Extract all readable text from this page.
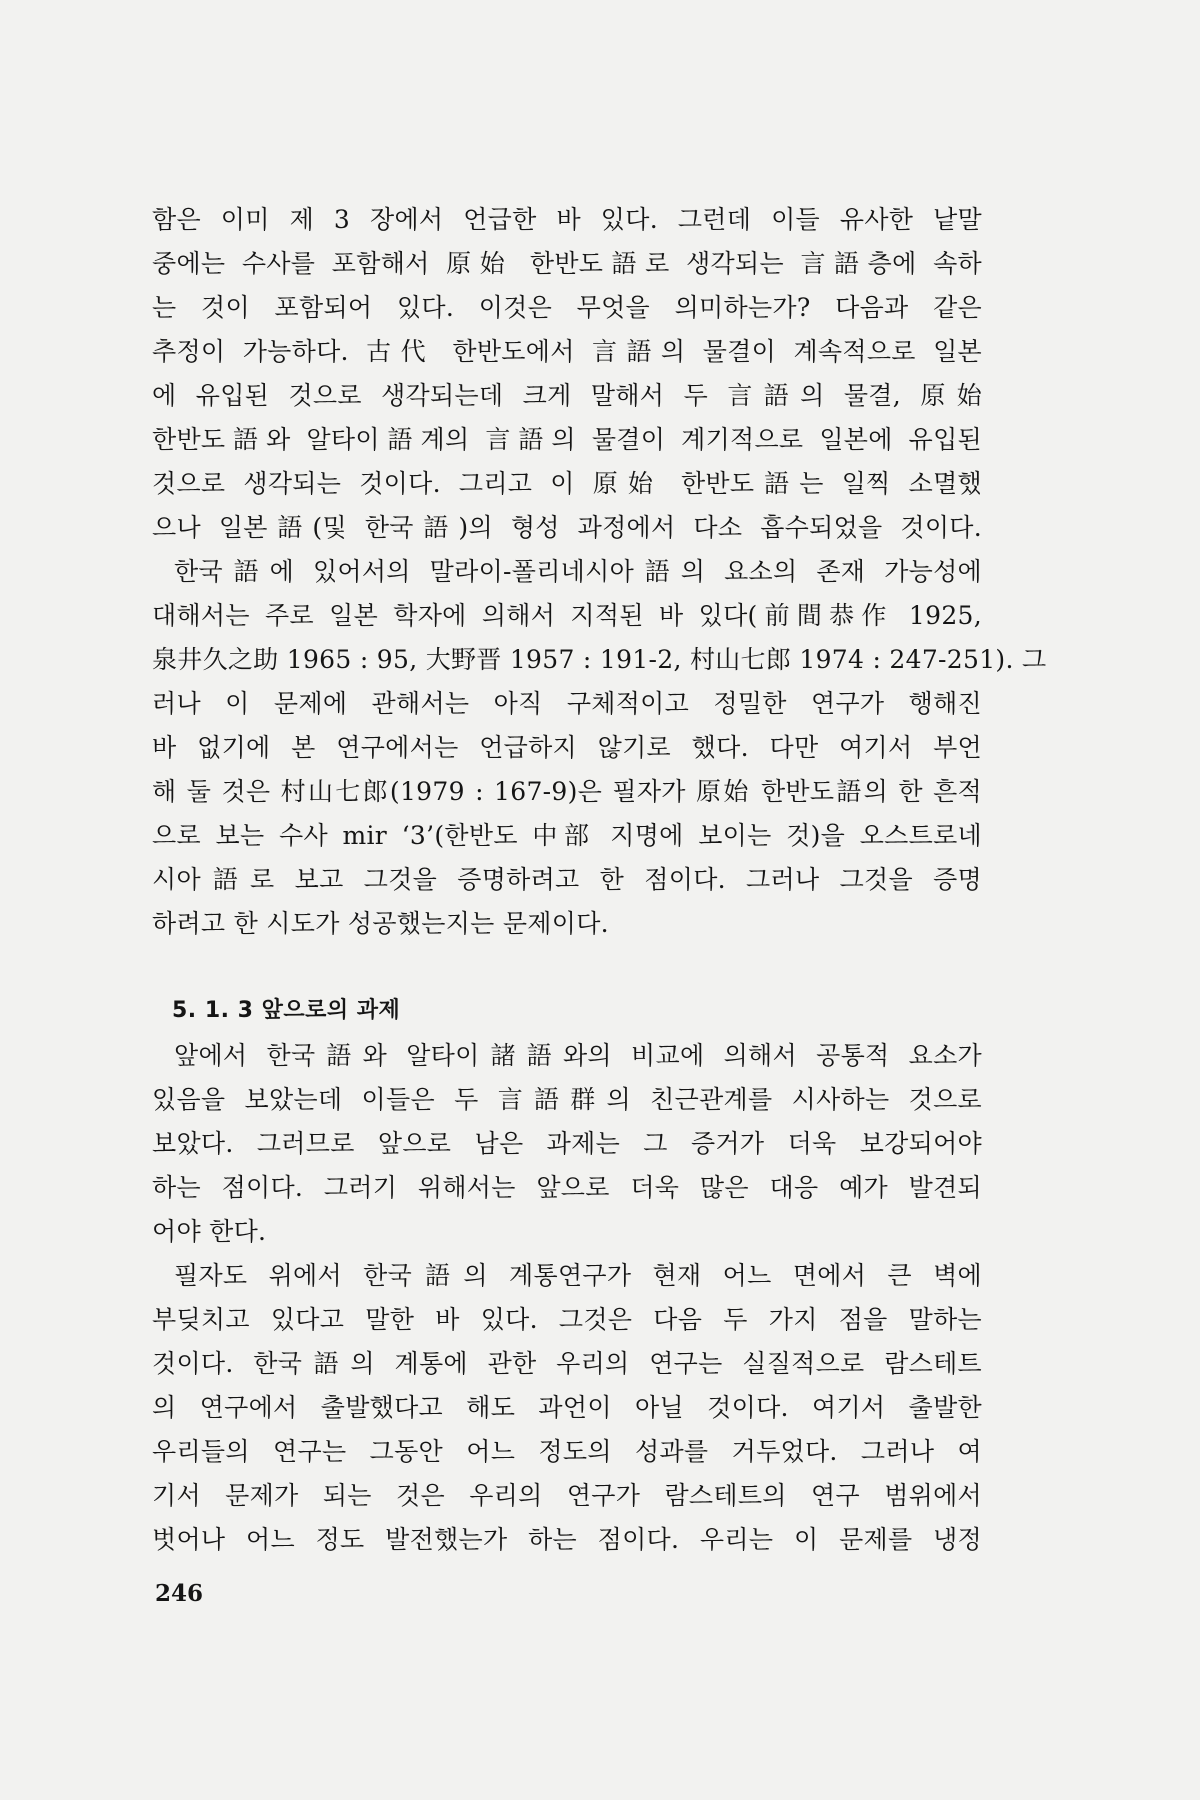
함은 이미 제 3 장에서 언급한 바 있다. 그런데 이들 유사한 낱말
중에는 수사를 포함해서 原始 한반도語로 생각되는 言語층에 속하
는 것이 포함되어 있다. 이것은 무엇을 의미하는가? 다음과 같은
추정이 가능하다. 古代 한반도에서 言語의 물결이 계속적으로 일본
에 유입된 것으로 생각되는데 크게 말해서 두 言語의 물결, 原始
한반도語와 알타이語계의 言語의 물결이 계기적으로 일본에 유입된
것으로 생각되는 것이다. 그리고 이 原始 한반도語는 일찍 소멸했
으나 일본語(및 한국語)의 형성 과정에서 다소 흡수되었을 것이다.
한국語에 있어서의 말라이-폴리네시아語의 요소의 존재 가능성에
대해서는 주로 일본 학자에 의해서 지적된 바 있다(前間恭作 1925,
泉井久之助 1965 : 95, 大野晋 1957 : 191-2, 村山七郎 1974 : 247-251). 그
러나 이 문제에 관해서는 아직 구체적이고 정밀한 연구가 행해진
바 없기에 본 연구에서는 언급하지 않기로 했다. 다만 여기서 부언
해 둘 것은 村山七郎(1979 : 167-9)은 필자가 原始 한반도語의 한 흔적
으로 보는 수사 mir ‘3’(한반도 中部 지명에 보이는 것)을 오스트로네
시아語로 보고 그것을 증명하려고 한 점이다. 그러나 그것을 증명
하려고 한 시도가 성공했는지는 문제이다.
5. 1. 3 앞으로의 과제
앞에서 한국語와 알타이諸語와의 비교에 의해서 공통적 요소가
있음을 보았는데 이들은 두 言語群의 친근관계를 시사하는 것으로
보았다. 그러므로 앞으로 남은 과제는 그 증거가 더욱 보강되어야
하는 점이다. 그러기 위해서는 앞으로 더욱 많은 대응 예가 발견되
어야 한다.
필자도 위에서 한국語의 계통연구가 현재 어느 면에서 큰 벽에
부딪치고 있다고 말한 바 있다. 그것은 다음 두 가지 점을 말하는
것이다. 한국語의 계통에 관한 우리의 연구는 실질적으로 람스테트
의 연구에서 출발했다고 해도 과언이 아닐 것이다. 여기서 출발한
우리들의 연구는 그동안 어느 정도의 성과를 거두었다. 그러나 여
기서 문제가 되는 것은 우리의 연구가 람스테트의 연구 범위에서
벗어나 어느 정도 발전했는가 하는 점이다. 우리는 이 문제를 냉정
246
